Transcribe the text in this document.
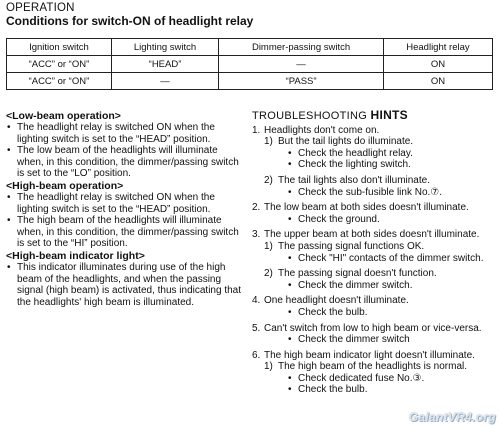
OPERATION
Conditions for switch-ON of headlight relay
Ignition switch	Lighting switch	Dimmer-passing switch	Headlight relay
“ACC” or “ON”	“HEAD”	—	ON
“ACC” or “ON”	—	“PASS”	ON
<Low-beam operation>
• The headlight relay is switched ON when the lighting switch is set to the “HEAD” position.
• The low beam of the headlights will illuminate when, in this condition, the dimmer/passing switch is set to the “LO” position.
<High-beam operation>
• The headlight relay is switched ON when the lighting switch is set to the “HEAD” position.
• The high beam of the headlights will illuminate when, in this condition, the dimmer/passing switch is set to the “HI” position.
<High-beam indicator light>
• This indicator illuminates during use of the high beam of the headlights, and when the passing signal (high beam) is activated, thus indicating that the headlights' high beam is illuminated.
TROUBLESHOOTING HINTS
1. Headlights don't come on.
1) But the tail lights do illuminate.
• Check the headlight relay.
• Check the lighting switch.
2) The tail lights also don't illuminate.
• Check the sub-fusible link No.⑦.
2. The low beam at both sides doesn't illuminate.
• Check the ground.
3. The upper beam at both sides doesn't illuminate.
1) The passing signal functions OK.
• Check "HI" contacts of the dimmer switch.
2) The passing signal doesn't function.
• Check the dimmer switch.
4. One headlight doesn't illuminate.
• Check the bulb.
5. Can't switch from low to high beam or vice-versa.
• Check the dimmer switch
6. The high beam indicator light doesn't illuminate.
1) The high beam of the headlights is normal.
• Check dedicated fuse No.③.
• Check the bulb.
GalantVR4.org
